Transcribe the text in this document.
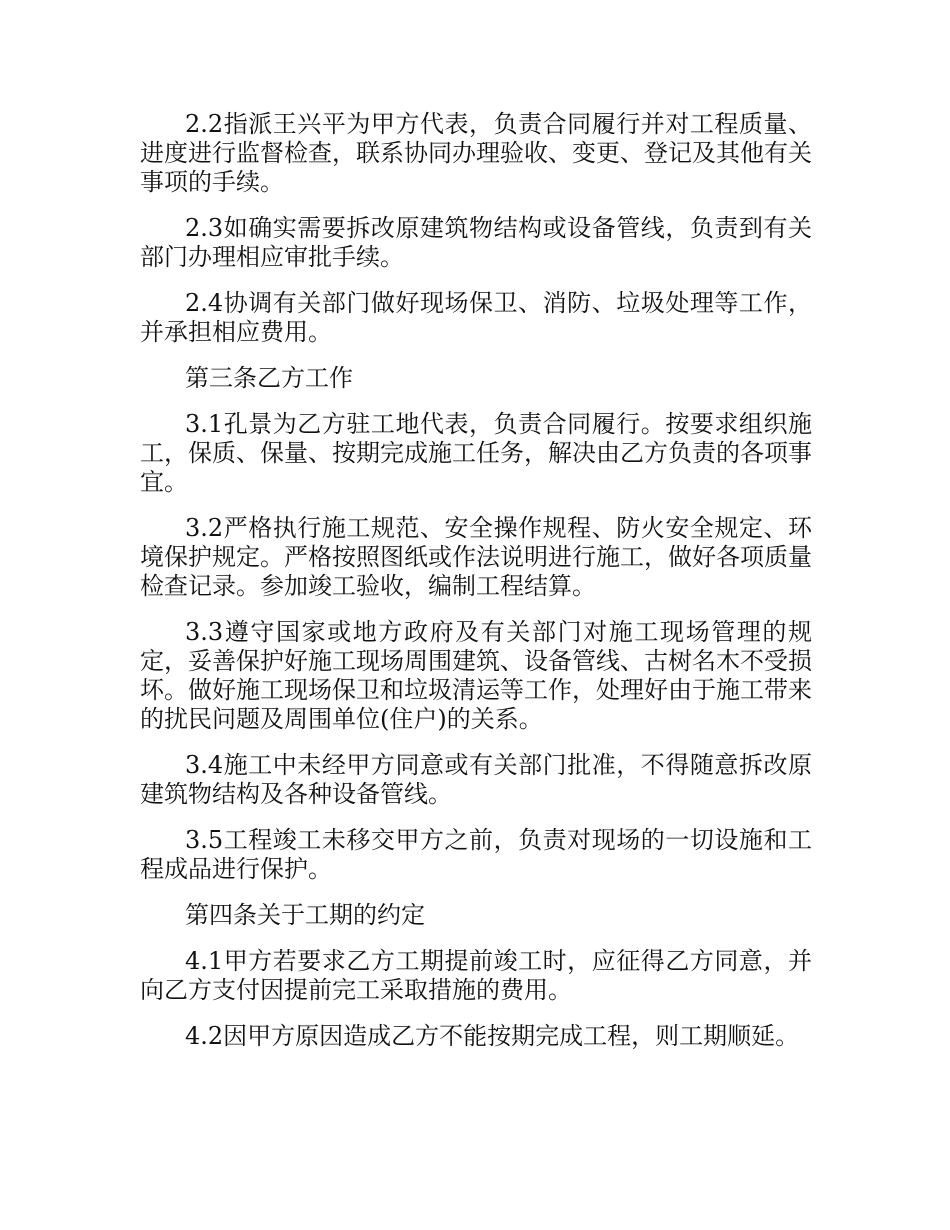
2.2指派王兴平为甲方代表，负责合同履行并对工程质量、进度进行监督检查，联系协同办理验收、变更、登记及其他有关事项的手续。

2.3如确实需要拆改原建筑物结构或设备管线，负责到有关部门办理相应审批手续。

2.4协调有关部门做好现场保卫、消防、垃圾处理等工作，并承担相应费用。

第三条乙方工作

3.1孔景为乙方驻工地代表，负责合同履行。按要求组织施工，保质、保量、按期完成施工任务，解决由乙方负责的各项事宜。

3.2严格执行施工规范、安全操作规程、防火安全规定、环境保护规定。严格按照图纸或作法说明进行施工，做好各项质量检查记录。参加竣工验收，编制工程结算。

3.3遵守国家或地方政府及有关部门对施工现场管理的规定，妥善保护好施工现场周围建筑、设备管线、古树名木不受损坏。做好施工现场保卫和垃圾清运等工作，处理好由于施工带来的扰民问题及周围单位(住户)的关系。

3.4施工中未经甲方同意或有关部门批准，不得随意拆改原建筑物结构及各种设备管线。

3.5工程竣工未移交甲方之前，负责对现场的一切设施和工程成品进行保护。

第四条关于工期的约定

4.1甲方若要求乙方工期提前竣工时，应征得乙方同意，并向乙方支付因提前完工采取措施的费用。

4.2因甲方原因造成乙方不能按期完成工程，则工期顺延。
